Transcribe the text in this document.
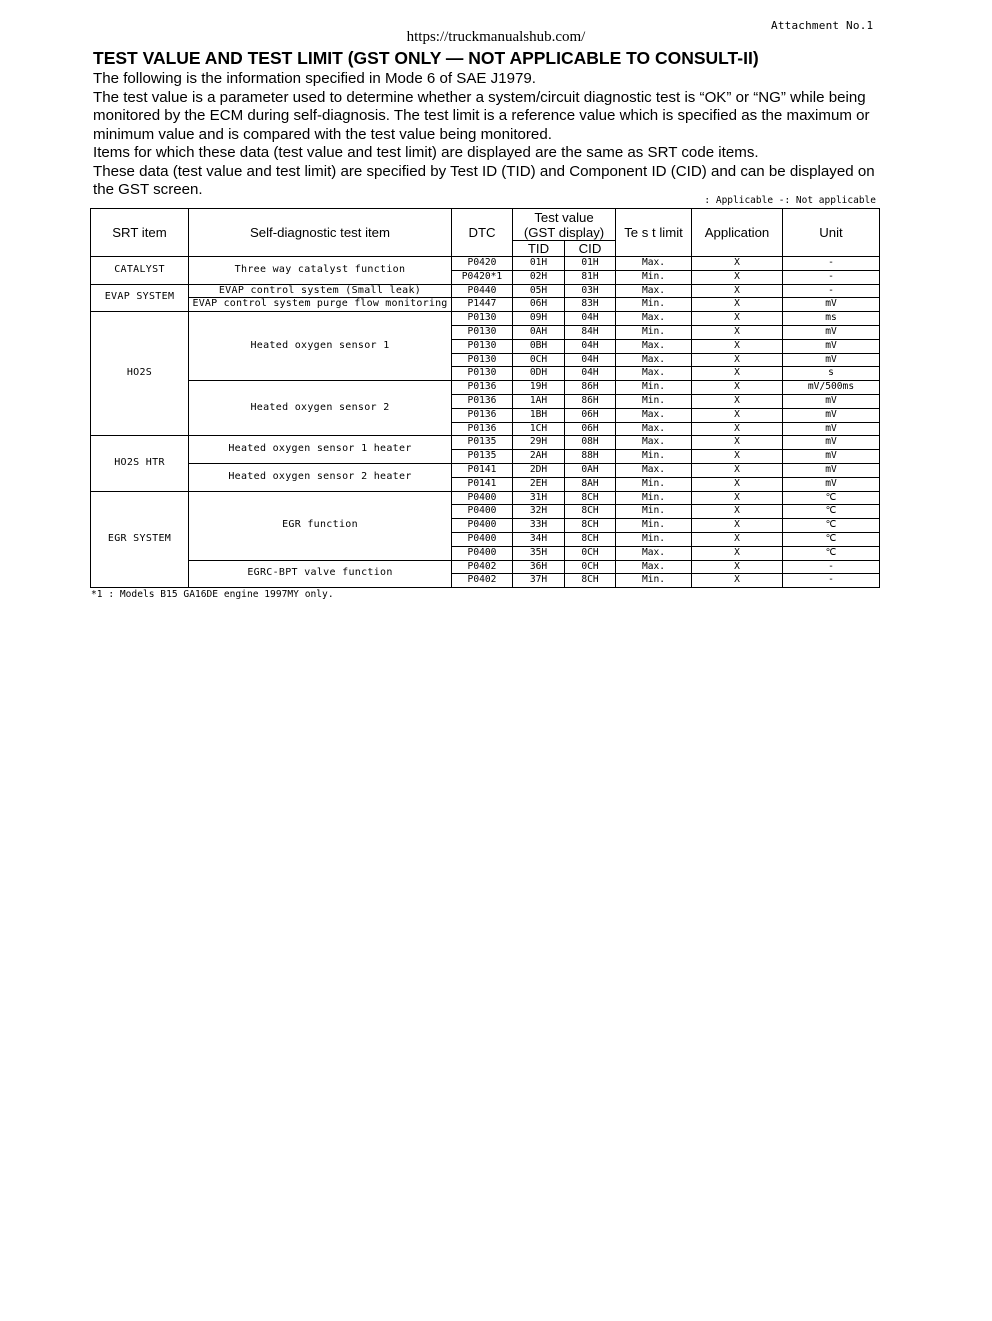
Attachment No.1
https://truckmanualshub.com/
TEST VALUE AND TEST LIMIT (GST ONLY — NOT APPLICABLE TO CONSULT-II)

The following is the information specified in Mode 6 of SAE J1979.

The test value is a parameter used to determine whether a system/circuit diagnostic test is “OK” or “NG” while being monitored by the ECM during self-diagnosis. The test limit is a reference value which is specified as the maximum or minimum value and is compared with the test value being monitored.

Items for which these data (test value and test limit) are displayed are the same as SRT code items.

These data (test value and test limit) are specified by Test ID (TID) and Component ID (CID) and can be displayed on the GST screen.

: Applicable -: Not applicable
SRT item	Self-diagnostic test item	DTC	Test value (GST display)		Te s t limit	Application	Unit
			TID	CID			
CATALYST	Three way catalyst function	P0420	01H	01H	Max.	X	-
		P0420*1	02H	81H	Min.	X	-
EVAP SYSTEM	EVAP control system (Small leak)	P0440	05H	03H	Max.	X	-
	EVAP control system purge flow monitoring	P1447	06H	83H	Min.	X	mV
HO2S	Heated oxygen sensor 1	P0130	09H	04H	Max.	X	ms
		P0130	0AH	84H	Min.	X	mV
		P0130	0BH	04H	Max.	X	mV
		P0130	0CH	04H	Max.	X	mV
		P0130	0DH	04H	Max.	X	s
	Heated oxygen sensor 2	P0136	19H	86H	Min.	X	mV/500ms
		P0136	1AH	86H	Min.	X	mV
		P0136	1BH	06H	Max.	X	mV
		P0136	1CH	06H	Max.	X	mV
HO2S HTR	Heated oxygen sensor 1 heater	P0135	29H	08H	Max.	X	mV
		P0135	2AH	88H	Min.	X	mV
	Heated oxygen sensor 2 heater	P0141	2DH	0AH	Max.	X	mV
		P0141	2EH	8AH	Min.	X	mV
EGR SYSTEM	EGR function	P0400	31H	8CH	Min.	X	℃
		P0400	32H	8CH	Min.	X	℃
		P0400	33H	8CH	Min.	X	℃
		P0400	34H	8CH	Min.	X	℃
		P0400	35H	0CH	Max.	X	℃
	EGRC-BPT valve function	P0402	36H	0CH	Max.	X	-
		P0402	37H	8CH	Min.	X	-
*1 : Models B15 GA16DE engine 1997MY only.
